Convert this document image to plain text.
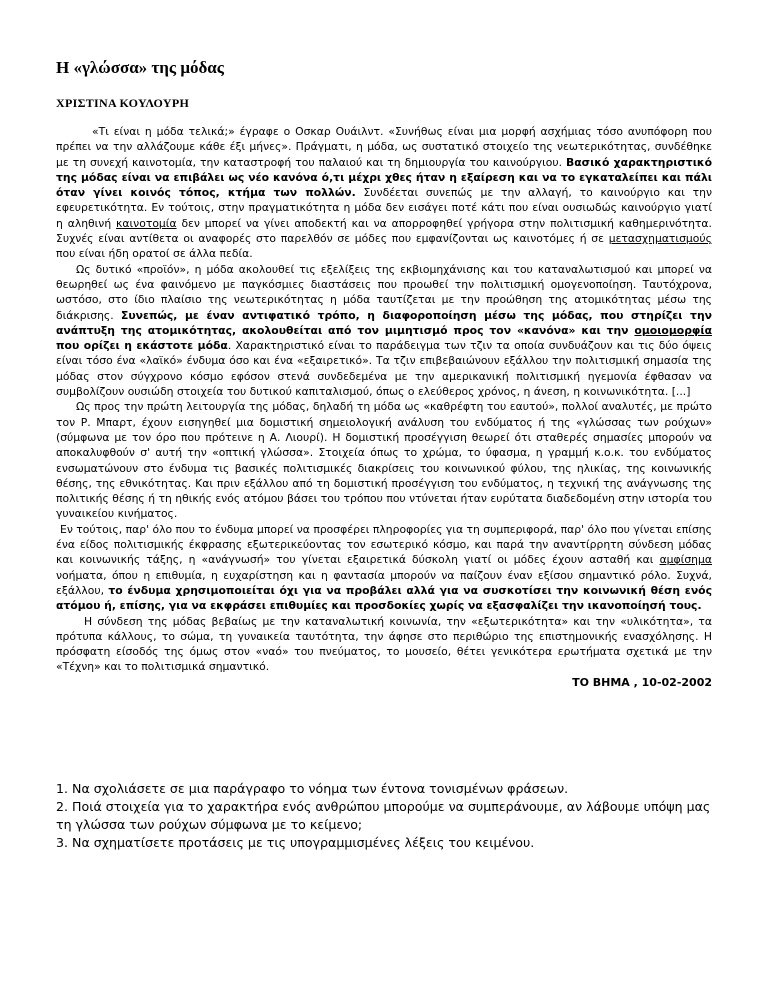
Η «γλώσσα» της μόδας
ΧΡΙΣΤΙΝΑ ΚΟΥΛΟΥΡΗ

«Τι είναι η μόδα τελικά;» έγραφε ο Οσκαρ Ουάιλντ. «Συνήθως είναι μια μορφή ασχήμιας τόσο ανυπόφορη που πρέπει να την αλλάζουμε κάθε έξι μήνες». Πράγματι, η μόδα, ως συστατικό στοιχείο της νεωτερικότητας, συνδέθηκε με τη συνεχή καινοτομία, την καταστροφή του παλαιού και τη δημιουργία του καινούργιου. Βασικό χαρακτηριστικό της μόδας είναι να επιβάλει ως νέο κανόνα ό,τι μέχρι χθες ήταν η εξαίρεση και να το εγκαταλείπει και πάλι όταν γίνει κοινός τόπος, κτήμα των πολλών. Συνδέεται συνεπώς με την αλλαγή, το καινούργιο και την εφευρετικότητα. Εν τούτοις, στην πραγματικότητα η μόδα δεν εισάγει ποτέ κάτι που είναι ουσιωδώς καινούργιο γιατί η αληθινή καινοτομία δεν μπορεί να γίνει αποδεκτή και να απορροφηθεί γρήγορα στην πολιτισμική καθημερινότητα. Συχνές είναι αντίθετα οι αναφορές στο παρελθόν σε μόδες που εμφανίζονται ως καινοτόμες ή σε μετασχηματισμούς που είναι ήδη ορατοί σε άλλα πεδία.

Ως δυτικό «προϊόν», η μόδα ακολουθεί τις εξελίξεις της εκβιομηχάνισης και του καταναλωτισμού και μπορεί να θεωρηθεί ως ένα φαινόμενο με παγκόσμιες διαστάσεις που προωθεί την πολιτισμική ομογενοποίηση. Ταυτόχρονα, ωστόσο, στο ίδιο πλαίσιο της νεωτερικότητας η μόδα ταυτίζεται με την προώθηση της ατομικότητας μέσω της διάκρισης. Συνεπώς, με έναν αντιφατικό τρόπο, η διαφοροποίηση μέσω της μόδας, που στηρίζει την ανάπτυξη της ατομικότητας, ακολουθείται από τον μιμητισμό προς τον «κανόνα» και την ομοιομορφία που ορίζει η εκάστοτε μόδα. Χαρακτηριστικό είναι το παράδειγμα των τζιν τα οποία συνδυάζουν και τις δύο όψεις είναι τόσο ένα «λαϊκό» ένδυμα όσο και ένα «εξαιρετικό». Τα τζιν επιβεβαιώνουν εξάλλου την πολιτισμική σημασία της μόδας στον σύγχρονο κόσμο εφόσον στενά συνδεδεμένα με την αμερικανική πολιτισμική ηγεμονία έφθασαν να συμβολίζουν ουσιώδη στοιχεία του δυτικού καπιταλισμού, όπως ο ελεύθερος χρόνος, η άνεση, η κοινωνικότητα. [...]

Ως προς την πρώτη λειτουργία της μόδας, δηλαδή τη μόδα ως «καθρέφτη του εαυτού», πολλοί αναλυτές, με πρώτο τον Ρ. Μπαρτ, έχουν εισηγηθεί μια δομιστική σημειολογική ανάλυση του ενδύματος ή της «γλώσσας των ρούχων» (σύμφωνα με τον όρο που πρότεινε η Α. Λιουρί). Η δομιστική προσέγγιση θεωρεί ότι σταθερές σημασίες μπορούν να αποκαλυφθούν σ' αυτή την «οπτική γλώσσα». Στοιχεία όπως το χρώμα, το ύφασμα, η γραμμή κ.ο.κ. του ενδύματος ενσωματώνουν στο ένδυμα τις βασικές πολιτισμικές διακρίσεις του κοινωνικού φύλου, της ηλικίας, της κοινωνικής θέσης, της εθνικότητας. Και πριν εξάλλου από τη δομιστική προσέγγιση του ενδύματος, η τεχνική της ανάγνωσης της πολιτικής θέσης ή τη ηθικής ενός ατόμου βάσει του τρόπου που ντύνεται ήταν ευρύτατα διαδεδομένη στην ιστορία του γυναικείου κινήματος.

Εν τούτοις, παρ' όλο που το ένδυμα μπορεί να προσφέρει πληροφορίες για τη συμπεριφορά, παρ' όλο που γίνεται επίσης ένα είδος πολιτισμικής έκφρασης εξωτερικεύοντας τον εσωτερικό κόσμο, και παρά την αναντίρρητη σύνδεση μόδας και κοινωνικής τάξης, η «ανάγνωσή» του γίνεται εξαιρετικά δύσκολη γιατί οι μόδες έχουν ασταθή και αμφίσημα νοήματα, όπου η επιθυμία, η ευχαρίστηση και η φαντασία μπορούν να παίζουν έναν εξίσου σημαντικό ρόλο. Συχνά, εξάλλου, το ένδυμα χρησιμοποιείται όχι για να προβάλει αλλά για να συσκοτίσει την κοινωνική θέση ενός ατόμου ή, επίσης, για να εκφράσει επιθυμίες και προσδοκίες χωρίς να εξασφαλίζει την ικανοποίησή τους.

Η σύνδεση της μόδας βεβαίως με την καταναλωτική κοινωνία, την «εξωτερικότητα» και την «υλικότητα», τα πρότυπα κάλλους, το σώμα, τη γυναικεία ταυτότητα, την άφησε στο περιθώριο της επιστημονικής ενασχόλησης. Η πρόσφατη είσοδός της όμως στον «ναό» του πνεύματος, το μουσείο, θέτει γενικότερα ερωτήματα σχετικά με την «Τέχνη» και το πολιτισμικά σημαντικό.

ΤΟ ΒΗΜΑ , 10-02-2002

1. Να σχολιάσετε σε μια παράγραφο το νόημα των έντονα τονισμένων φράσεων.

2. Ποιά στοιχεία για το χαρακτήρα ενός ανθρώπου μπορούμε να συμπεράνουμε, αν λάβουμε υπόψη μας τη γλώσσα των ρούχων σύμφωνα με το κείμενο;

3. Να σχηματίσετε προτάσεις με τις υπογραμμισμένες λέξεις του κειμένου.
